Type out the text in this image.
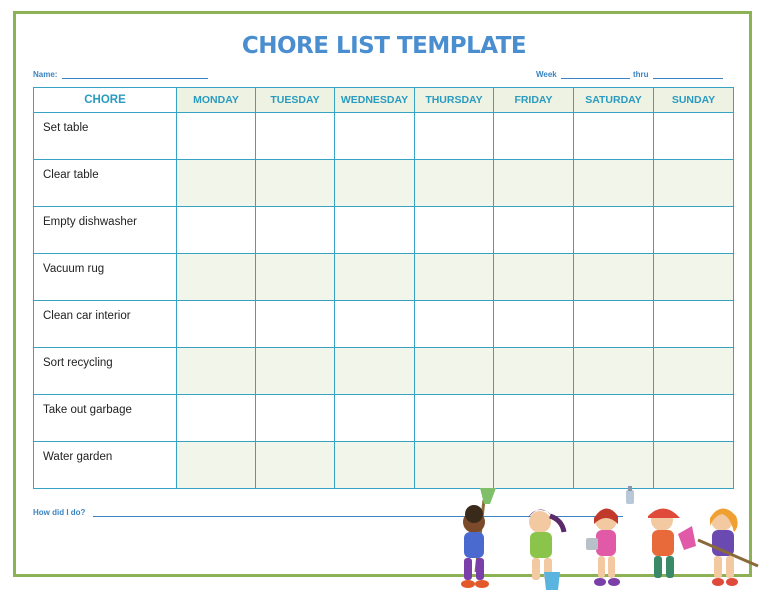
CHORE LIST TEMPLATE
Name:	Week	thru
CHORE	MONDAY	TUESDAY	WEDNESDAY	THURSDAY	FRIDAY	SATURDAY	SUNDAY
Set table							
Clear table							
Empty dishwasher							
Vacuum rug							
Clean car interior							
Sort recycling							
Take out garbage							
Water garden							
How did I do?
